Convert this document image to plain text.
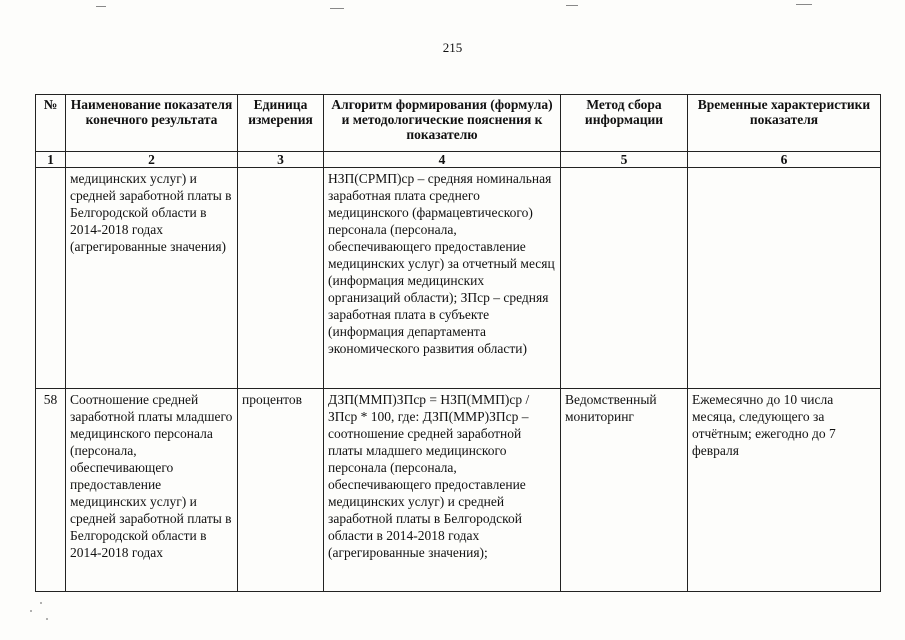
215
№	Наименование показателя конечного результата	Единица измерения	Алгоритм формирования (формула) и методологические пояснения к показателю	Метод сбора информации	Временные характеристики показателя
1	2	3	4	5	6
	медицинских услуг) и средней заработной платы в Белгородской области в 2014-2018 годах (агрегированные значения)		НЗП(СРМП)ср – средняя номинальная заработная плата среднего медицинского (фармацевтического) персонала (персонала, обеспечивающего предоставление медицинских услуг) за отчетный месяц (информация медицинских организаций области); ЗПср – средняя заработная плата в субъекте (информация департамента экономического развития области)		
58	Соотношение средней заработной платы младшего медицинского персонала (персонала, обеспечивающего предоставление медицинских услуг) и средней заработной платы в Белгородской области в 2014-2018 годах	процентов	ДЗП(ММП)ЗПср = НЗП(ММП)ср / ЗПср * 100, где: ДЗП(ММР)ЗПср – соотношение средней заработной платы младшего медицинского персонала (персонала, обеспечивающего предоставление медицинских услуг) и средней заработной платы в Белгородской области в 2014-2018 годах (агрегированные значения);	Ведомственный мониторинг	Ежемесячно до 10 числа месяца, следующего за отчётным; ежегодно до 7 февраля
